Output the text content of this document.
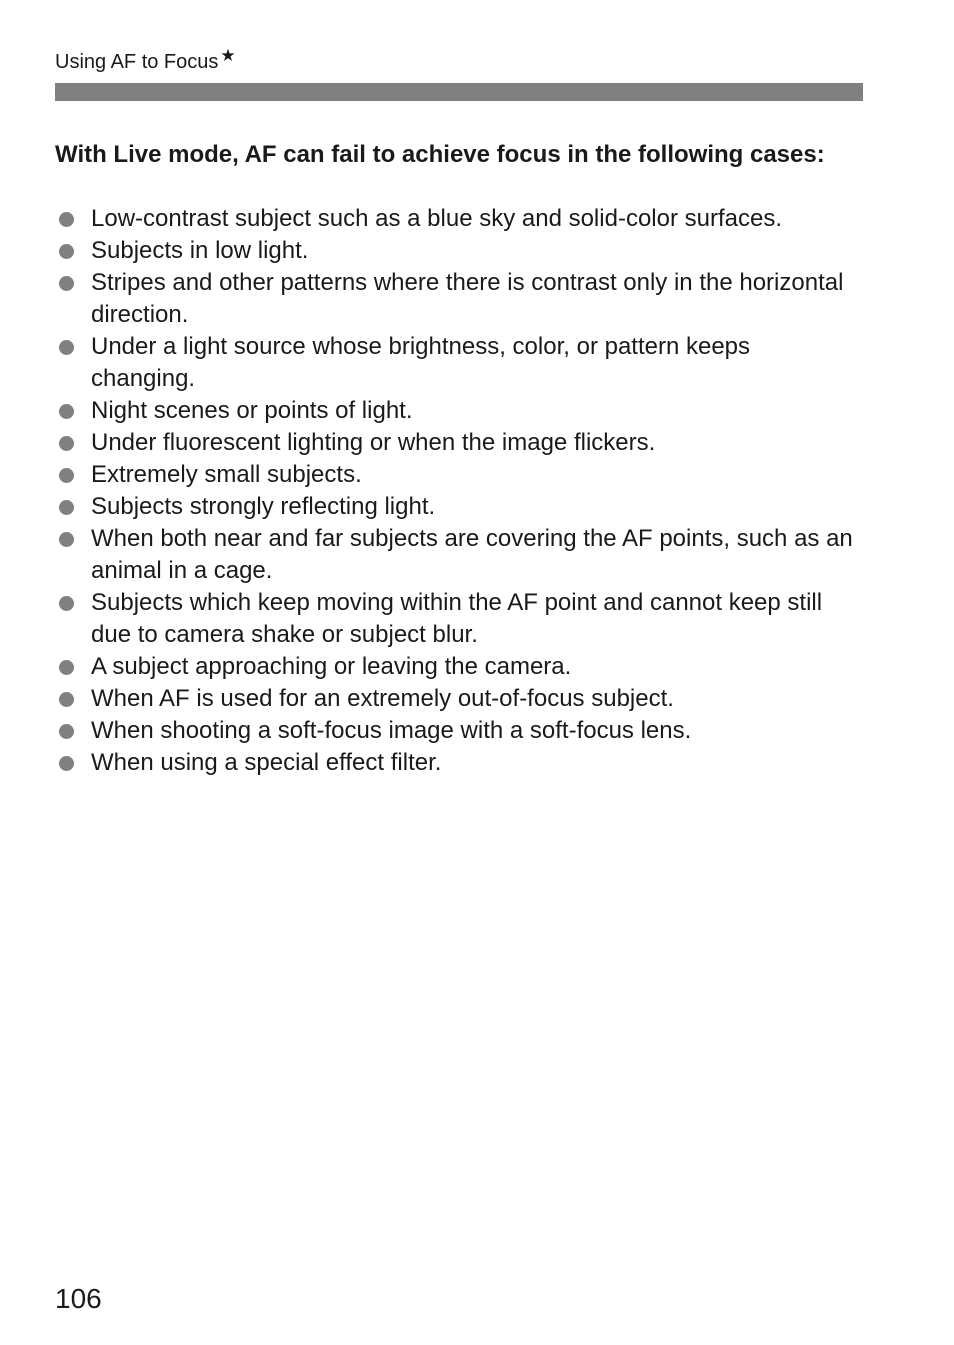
Using AF to Focus ★
With Live mode, AF can fail to achieve focus in the following cases:
Low-contrast subject such as a blue sky and solid-color surfaces.
Subjects in low light.
Stripes and other patterns where there is contrast only in the horizontal direction.
Under a light source whose brightness, color, or pattern keeps changing.
Night scenes or points of light.
Under fluorescent lighting or when the image flickers.
Extremely small subjects.
Subjects strongly reflecting light.
When both near and far subjects are covering the AF points, such as an animal in a cage.
Subjects which keep moving within the AF point and cannot keep still due to camera shake or subject blur.
A subject approaching or leaving the camera.
When AF is used for an extremely out-of-focus subject.
When shooting a soft-focus image with a soft-focus lens.
When using a special effect filter.
106
